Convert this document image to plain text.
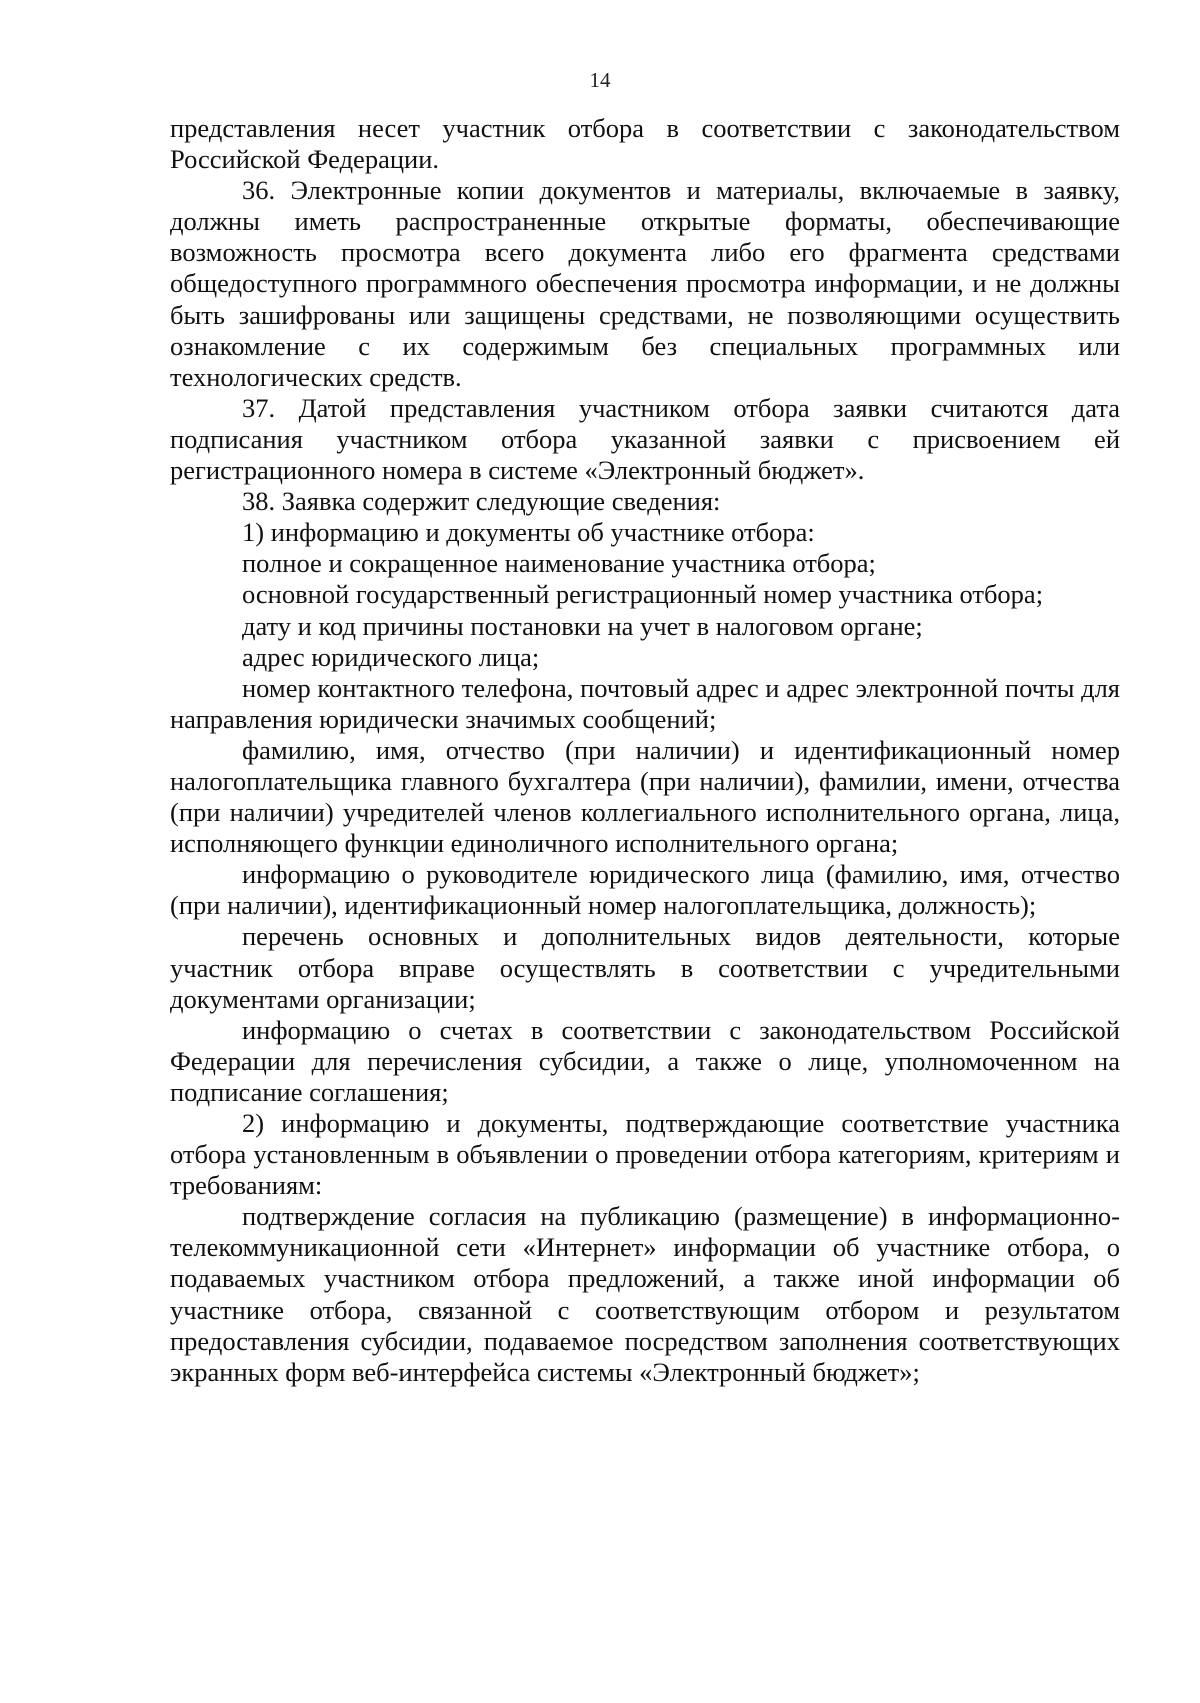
14

представления несет участник отбора в соответствии с законодательством Российской Федерации.

36. Электронные копии документов и материалы, включаемые в заявку, должны иметь распространенные открытые форматы, обеспечивающие возможность просмотра всего документа либо его фрагмента средствами общедоступного программного обеспечения просмотра информации, и не должны быть зашифрованы или защищены средствами, не позволяющими осуществить ознакомление с их содержимым без специальных программных или технологических средств.

37. Датой представления участником отбора заявки считаются дата подписания участником отбора указанной заявки с присвоением ей регистрационного номера в системе «Электронный бюджет».

38. Заявка содержит следующие сведения:

1) информацию и документы об участнике отбора:

полное и сокращенное наименование участника отбора;

основной государственный регистрационный номер участника отбора;

дату и код причины постановки на учет в налоговом органе;

адрес юридического лица;

номер контактного телефона, почтовый адрес и адрес электронной почты для направления юридически значимых сообщений;

фамилию, имя, отчество (при наличии) и идентификационный номер налогоплательщика главного бухгалтера (при наличии), фамилии, имени, отчества (при наличии) учредителей членов коллегиального исполнительного органа, лица, исполняющего функции единоличного исполнительного органа;

информацию о руководителе юридического лица (фамилию, имя, отчество (при наличии), идентификационный номер налогоплательщика, должность);

перечень основных и дополнительных видов деятельности, которые участник отбора вправе осуществлять в соответствии с учредительными документами организации;

информацию о счетах в соответствии с законодательством Российской Федерации для перечисления субсидии, а также о лице, уполномоченном на подписание соглашения;

2) информацию и документы, подтверждающие соответствие участника отбора установленным в объявлении о проведении отбора категориям, критериям и требованиям:

подтверждение согласия на публикацию (размещение) в информационно-телекоммуникационной сети «Интернет» информации об участнике отбора, о подаваемых участником отбора предложений, а также иной информации об участнике отбора, связанной с соответствующим отбором и результатом предоставления субсидии, подаваемое посредством заполнения соответствующих экранных форм веб-интерфейса системы «Электронный бюджет»;
